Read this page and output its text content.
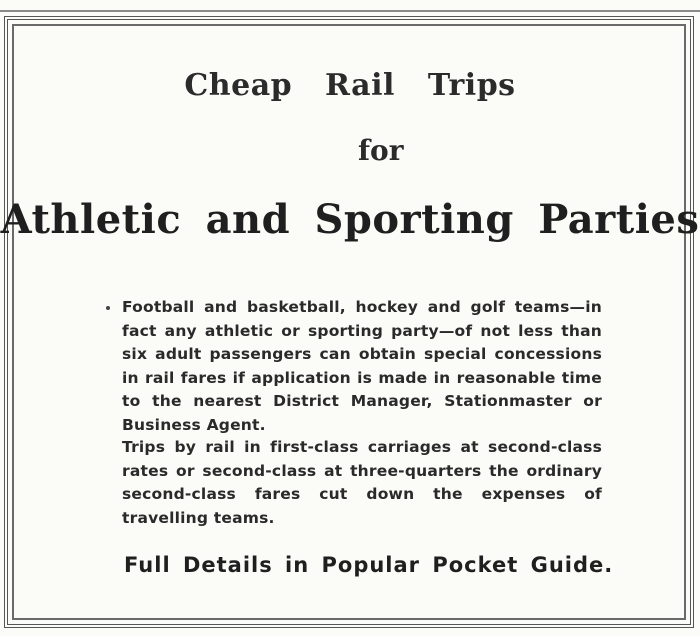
Cheap Rail Trips
for
Athletic and Sporting Parties
Football and basketball, hockey and golf teams—in fact any athletic or sporting party—of not less than six adult passengers can obtain special concessions in rail fares if application is made in reasonable time to the nearest District Manager, Stationmaster or Business Agent.
Trips by rail in first-class carriages at second-class rates or second-class at three-quarters the ordinary second-class fares cut down the expenses of travelling teams.
Full Details in Popular Pocket Guide.
